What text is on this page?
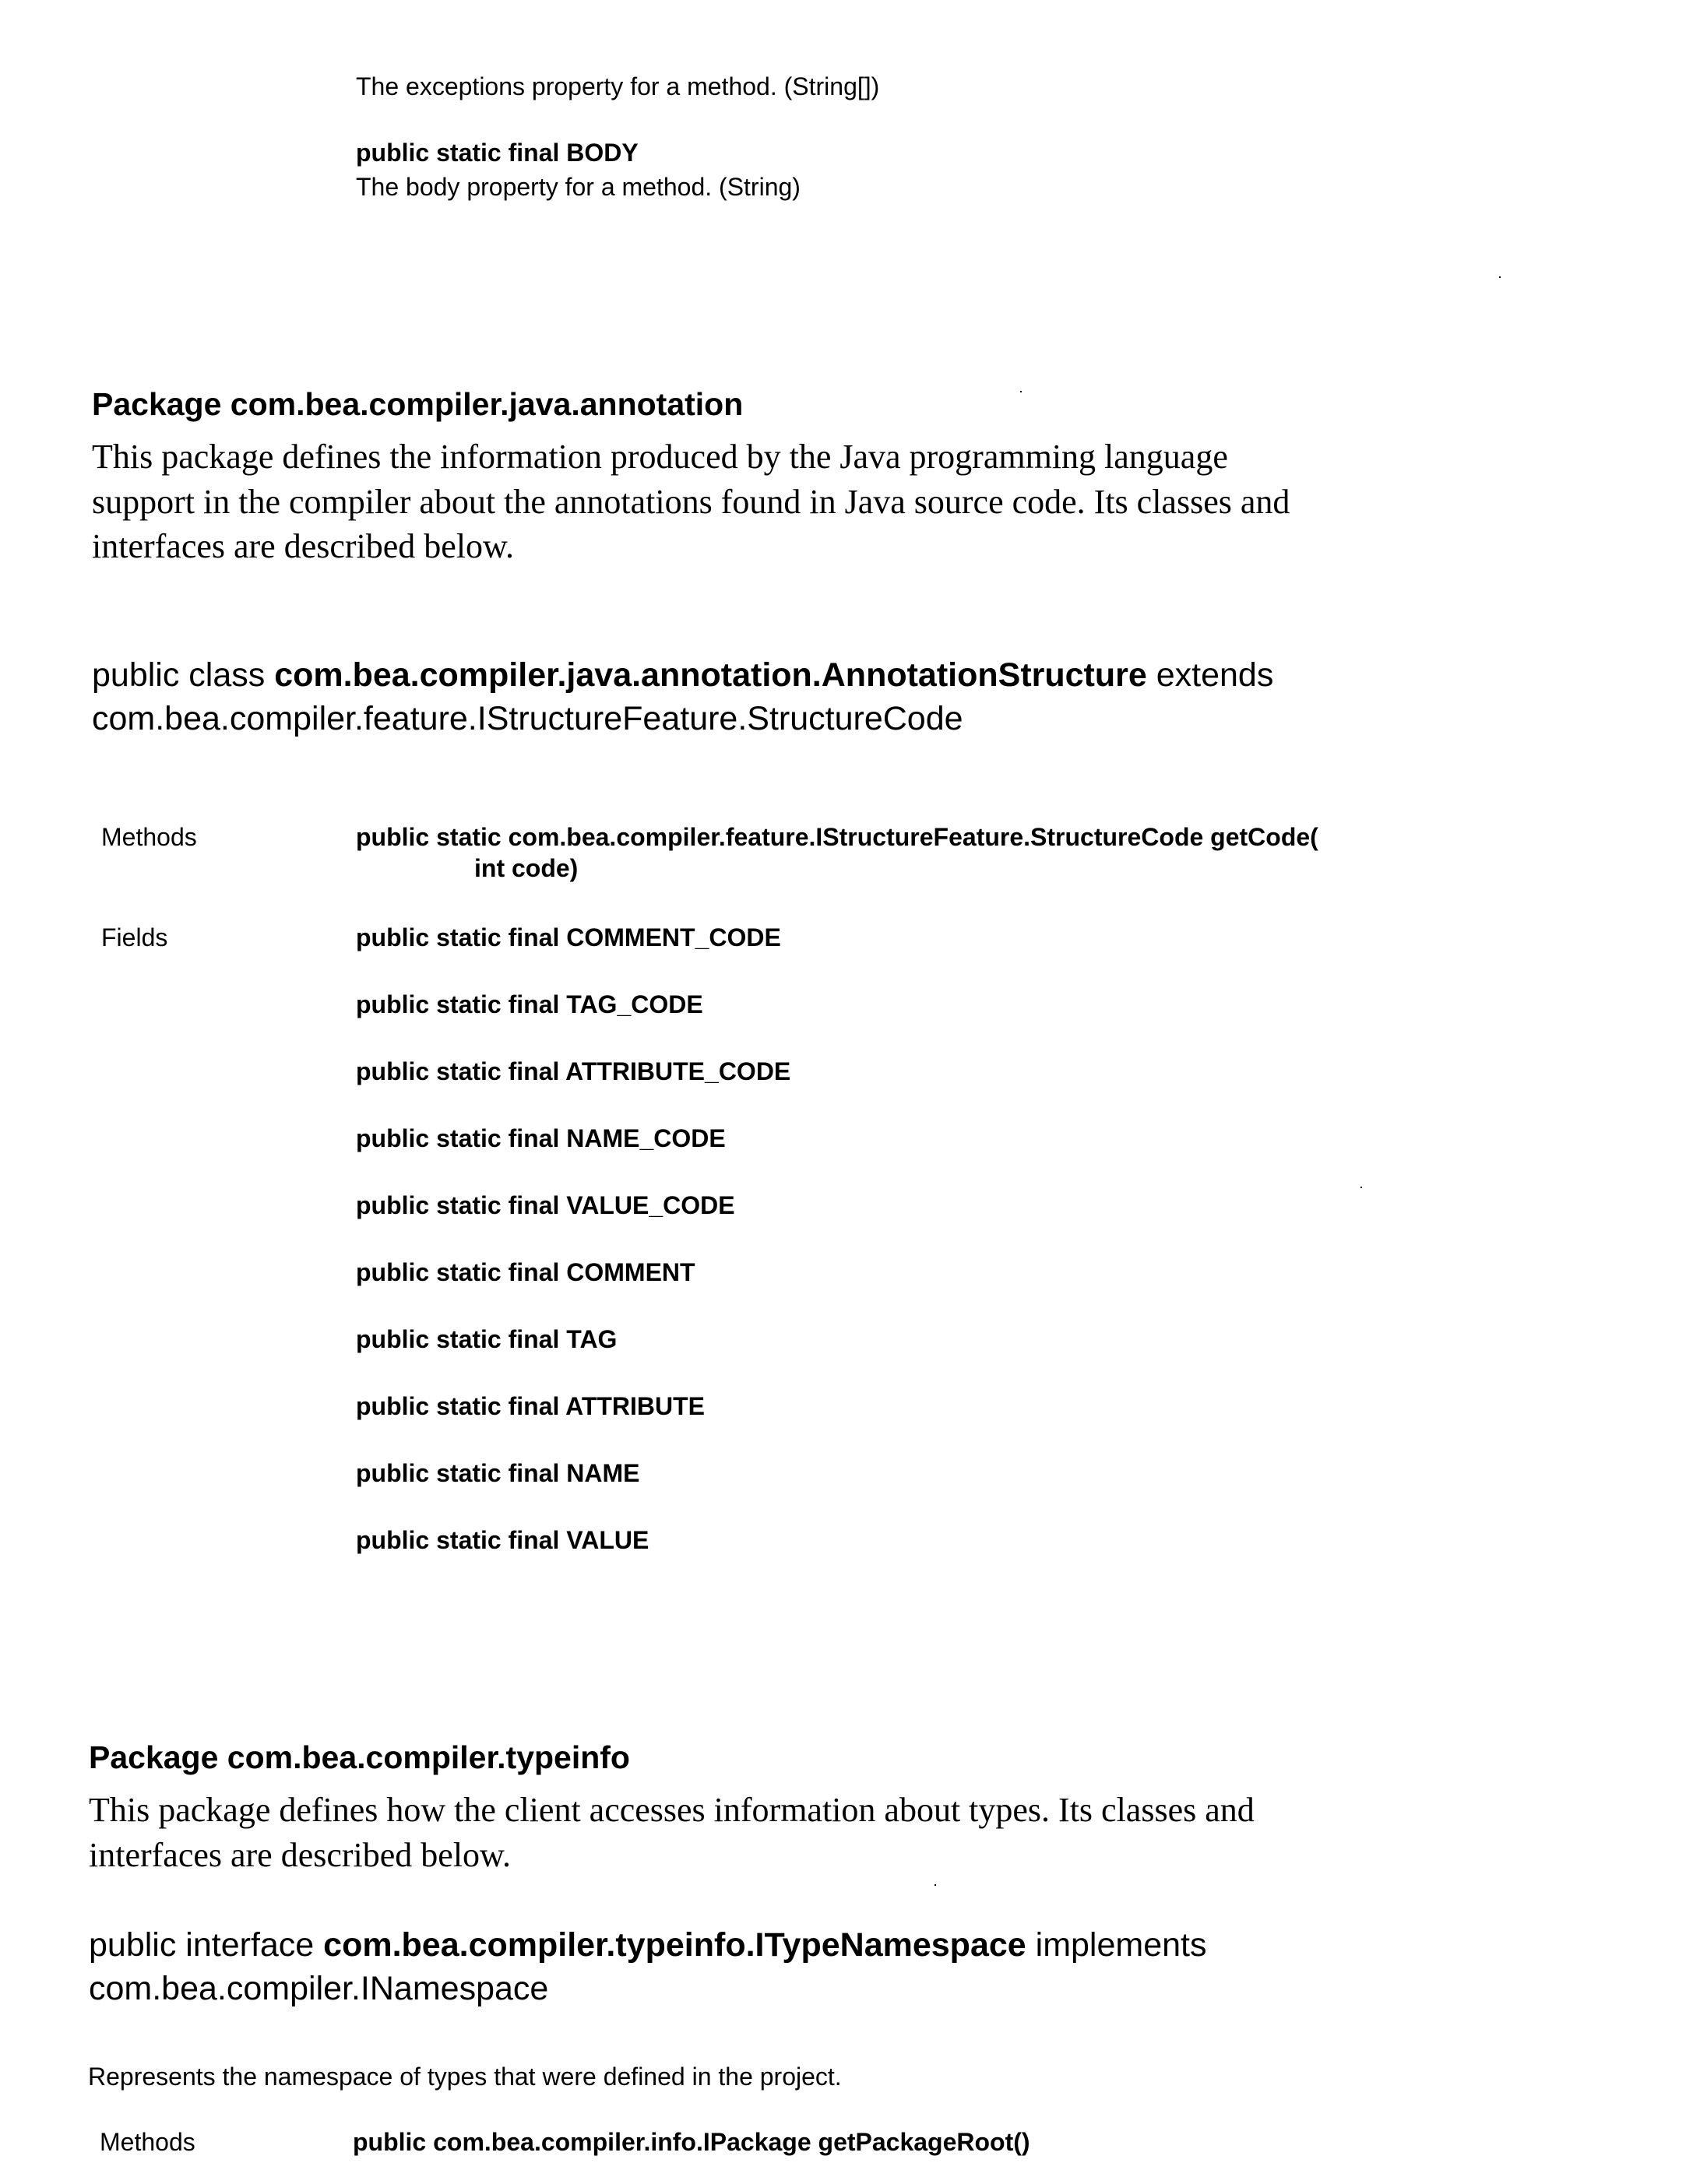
The exceptions property for a method. (String[])
public static final BODY
The body property for a method. (String)
Package com.bea.compiler.java.annotation
This package defines the information produced by the Java programming language
support in the compiler about the annotations found in Java source code. Its classes and
interfaces are described below.
public class com.bea.compiler.java.annotation.AnnotationStructure extends
com.bea.compiler.feature.IStructureFeature.StructureCode
Methods	public static com.bea.compiler.feature.IStructureFeature.StructureCode getCode(
int code)
Fields	public static final COMMENT_CODE
public static final TAG_CODE
public static final ATTRIBUTE_CODE
public static final NAME_CODE
public static final VALUE_CODE
public static final COMMENT
public static final TAG
public static final ATTRIBUTE
public static final NAME
public static final VALUE
Package com.bea.compiler.typeinfo
This package defines how the client accesses information about types. Its classes and
interfaces are described below.
public interface com.bea.compiler.typeinfo.ITypeNamespace implements
com.bea.compiler.INamespace
Represents the namespace of types that were defined in the project.
Methods	public com.bea.compiler.info.IPackage getPackageRoot()
